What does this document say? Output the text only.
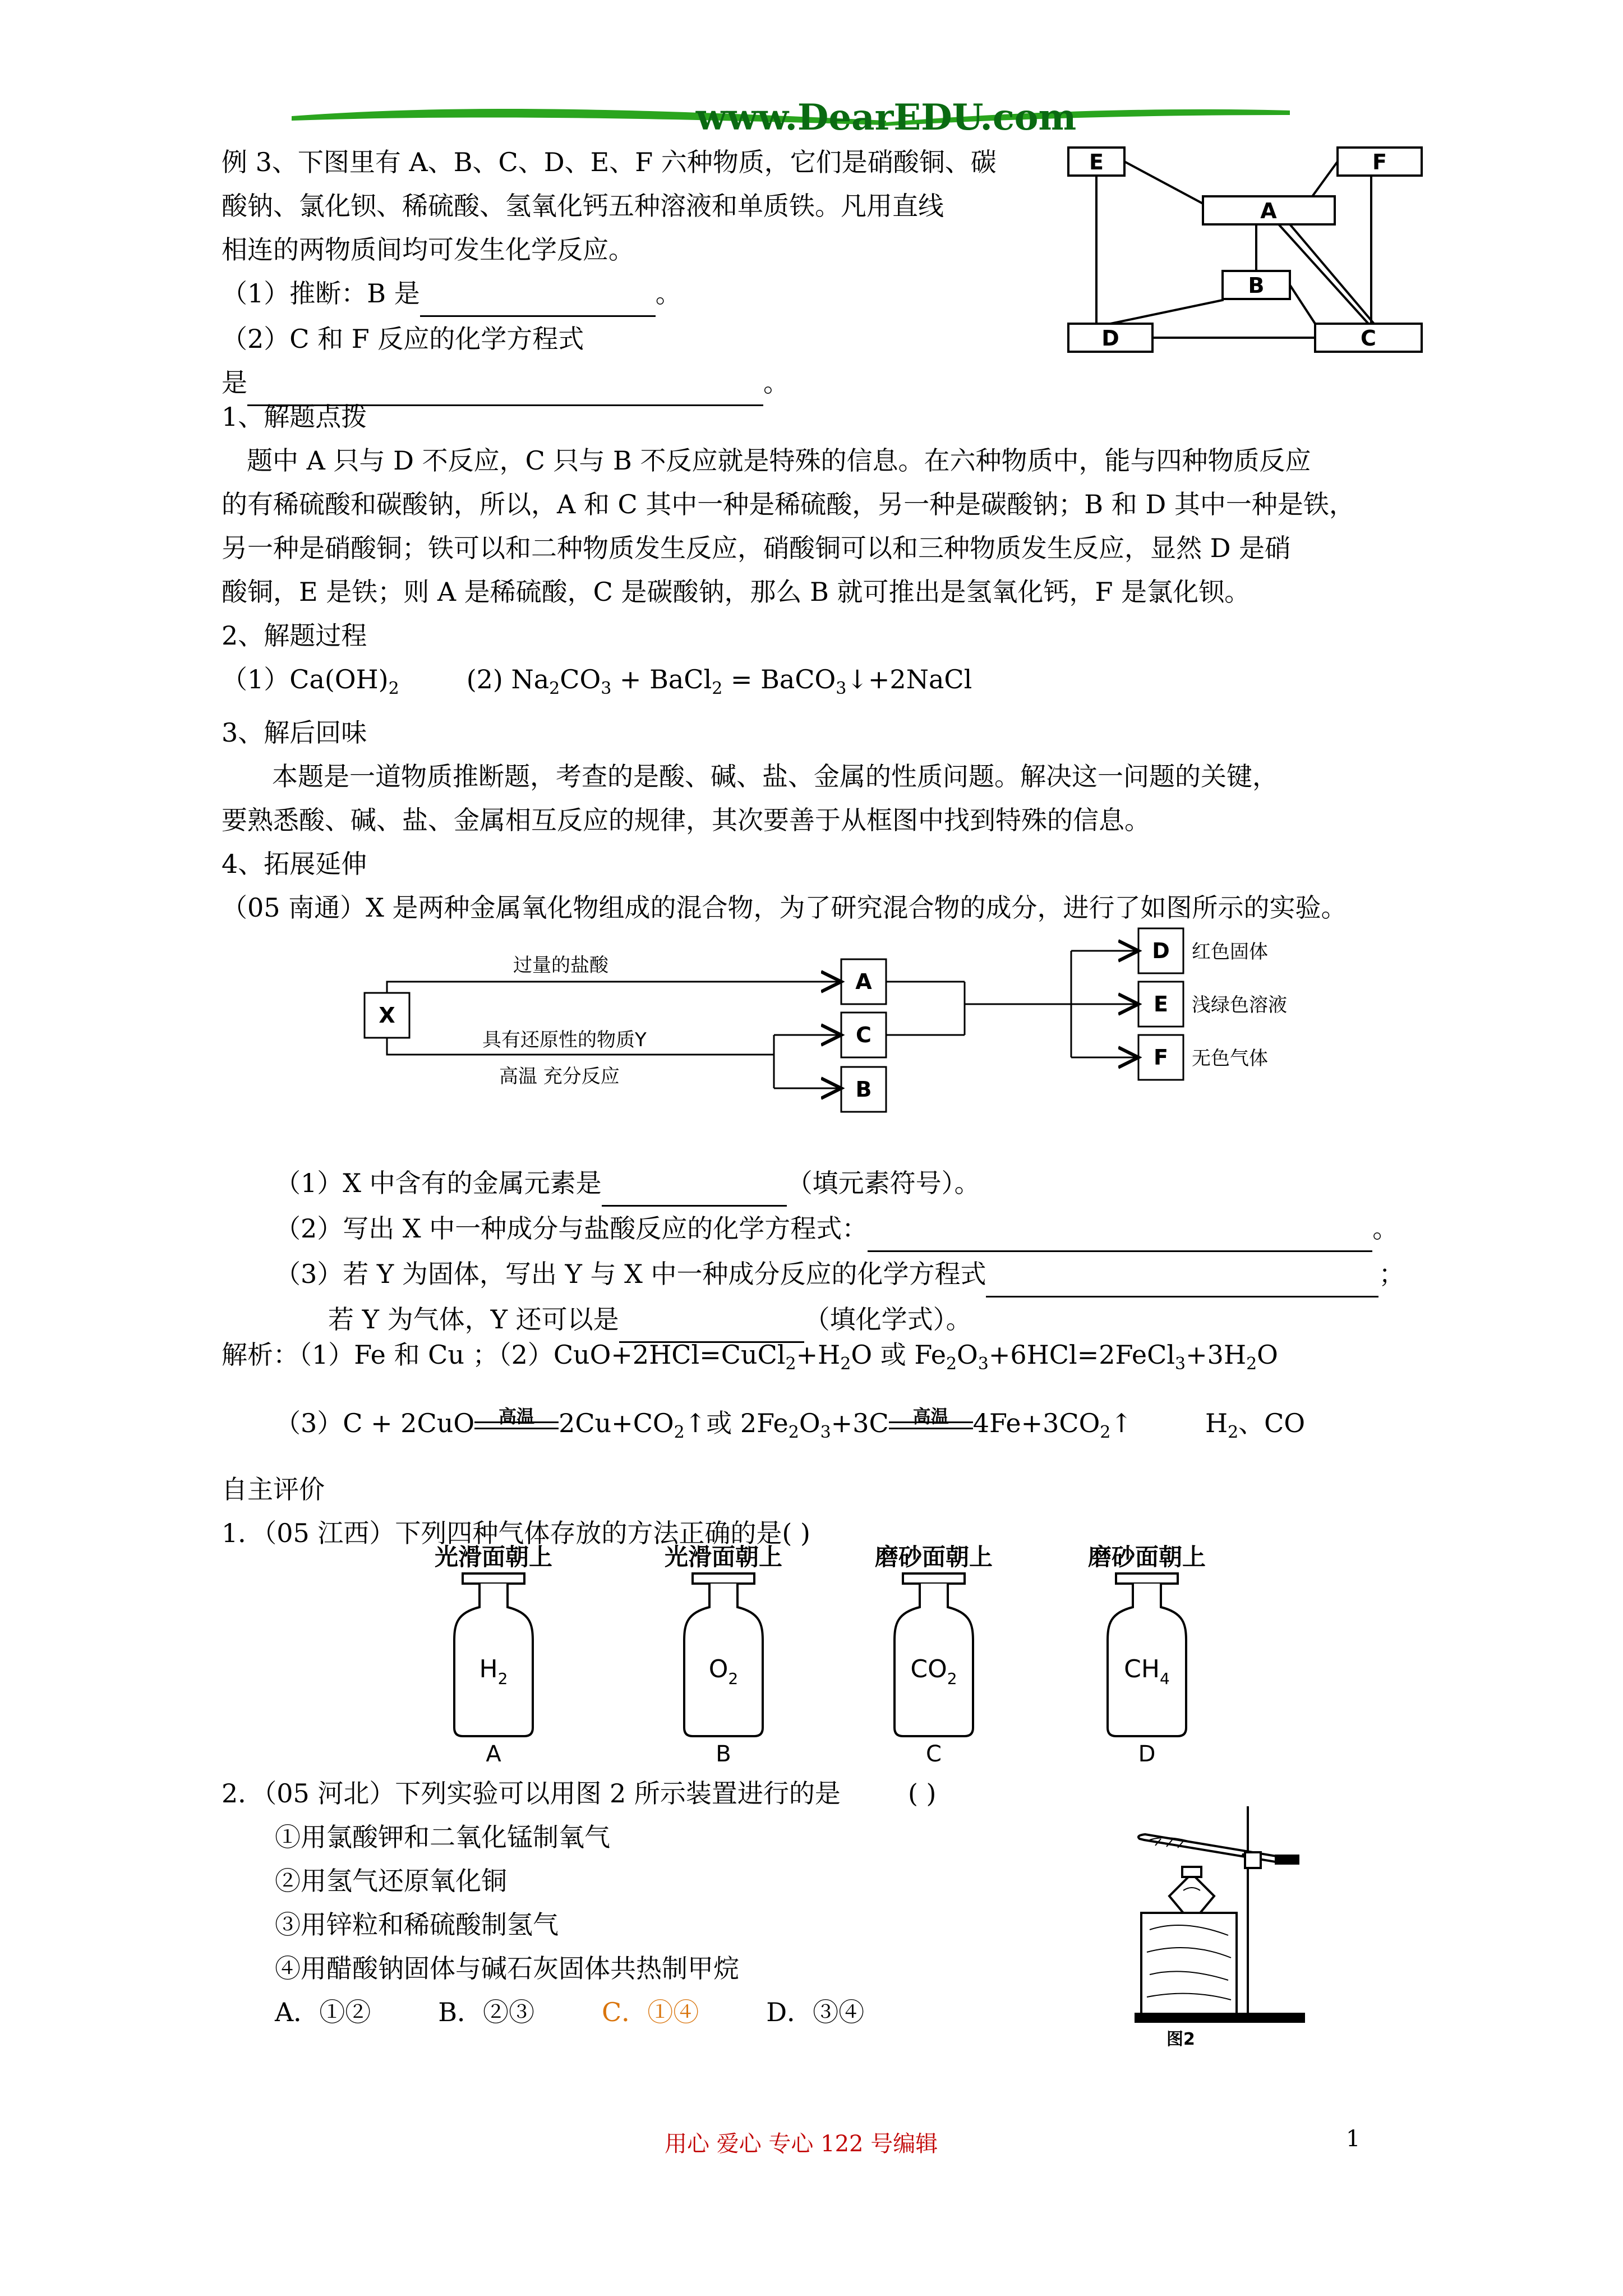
www.DearEDU.com
例 3、下图里有 A、B、C、D、E、F 六种物质，它们是硝酸铜、碳
酸钠、氯化钡、稀硫酸、氢氧化钙五种溶液和单质铁。凡用直线
相连的两物质间均可发生化学反应。
（1）推断：B 是	。
（2）C 和 F 反应的化学方程式
是	。
E	F
A
B
D	C
1、解题点拨
题中 A 只与 D 不反应，C 只与 B 不反应就是特殊的信息。在六种物质中，能与四种物质反应
的有稀硫酸和碳酸钠，所以，A 和 C 其中一种是稀硫酸，另一种是碳酸钠；B 和 D 其中一种是铁，
另一种是硝酸铜；铁可以和二种物质发生反应，硝酸铜可以和三种物质发生反应，显然 D 是硝
酸铜，E 是铁；则 A 是稀硫酸，C 是碳酸钠，那么 B 就可推出是氢氧化钙，F 是氯化钡。
2、解题过程
$(1)Ca(OH)_2$	(2) $Na_2CO_3$ + BaCl$_2$ = BaCO$_3$↓+2NaCl
3、解后回味
本题是一道物质推断题，考查的是酸、碱、盐、金属的性质问题。解决这一问题的关键，
要熟悉酸、碱、盐、金属相互反应的规律，其次要善于从框图中找到特殊的信息。
4、拓展延伸
（05 南通）X 是两种金属氧化物组成的混合物，为了研究混合物的成分，进行了如图所示的实验。
X
A
C
B
D
E
F
过量的盐酸
具有还原性的物质Y
高温 充分反应
红色固体
浅绿色溶液
无色气体
（1）X 中含有的金属元素是	（填元素符号）。
（2）写出 X 中一种成分与盐酸反应的化学方程式：	。
（3）若 Y 为固体，写出 Y 与 X 中一种成分反应的化学方程式	；
若 Y 为气体，Y 还可以是	（填化学式）。
解析：（1）Fe 和 Cu ；$(2)CuO+2HCl=CuCl_2+H_2O$ 或 $Fe_2O_3+6HCl=2FeCl_3+3H_2O$
（3）C + 2CuO	高温 $2Cu+CO_2↑$或 $2Fe_2O_3+3C$	高温 $4Fe+3CO_2↑$	$H_2$、CO
自主评价
1．（05 江西）下列四种气体存放的方法正确的是( )
光滑面朝上	光滑面朝上	磨砂面朝上	磨砂面朝上
$H_2$	$O_2$	$CO_2$	$CH_4$
A	B	C	D
2．（05 河北）下列实验可以用图 2 所示装置进行的是	( )
①用氯酸钾和二氧化锰制氧气
②用氢气还原氧化铜
③用锌粒和稀硫酸制氢气
④用醋酸钠固体与碱石灰固体共热制甲烷
A．①②	B．②③	C．①④	D．③④
图2
用心 爱心 专心 122 号编辑	1
